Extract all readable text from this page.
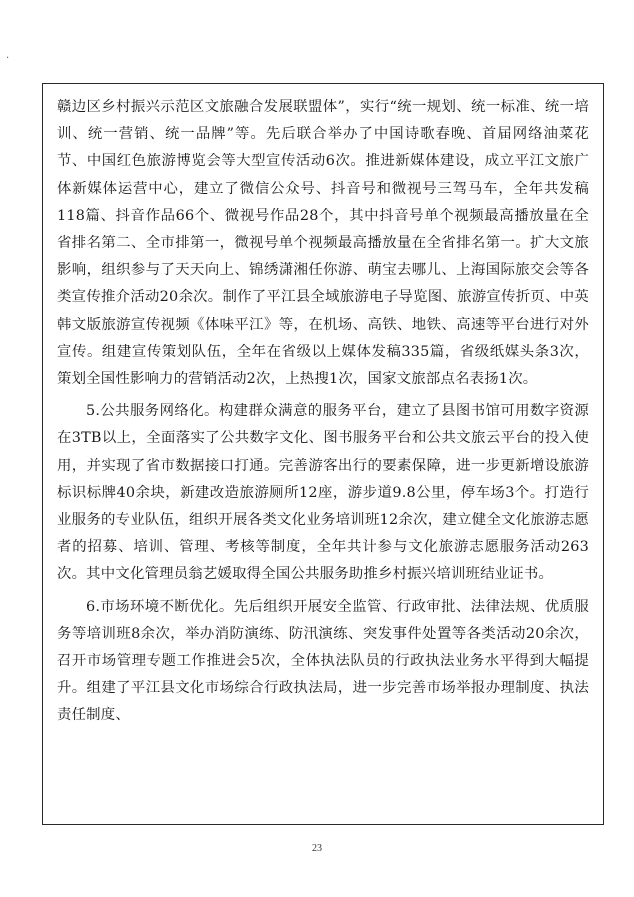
.

赣边区乡村振兴示范区文旅融合发展联盟体”，实行“统一规划、统一标准、统一培训、统一营销、统一品牌”等。先后联合举办了中国诗歌春晚、首届网络油菜花节、中国红色旅游博览会等大型宣传活动6次。推进新媒体建设，成立平江文旅广体新媒体运营中心，建立了微信公众号、抖音号和微视号三驾马车，全年共发稿118篇、抖音作品66个、微视号作品28个，其中抖音号单个视频最高播放量在全省排名第二、全市排第一，微视号单个视频最高播放量在全省排名第一。扩大文旅影响，组织参与了天天向上、锦绣潇湘任你游、萌宝去哪儿、上海国际旅交会等各类宣传推介活动20余次。制作了平江县全域旅游电子导览图、旅游宣传折页、中英韩文版旅游宣传视频《体味平江》等，在机场、高铁、地铁、高速等平台进行对外宣传。组建宣传策划队伍，全年在省级以上媒体发稿335篇，省级纸媒头条3次，策划全国性影响力的营销活动2次，上热搜1次，国家文旅部点名表扬1次。

5.公共服务网络化。构建群众满意的服务平台，建立了县图书馆可用数字资源在3TB以上，全面落实了公共数字文化、图书服务平台和公共文旅云平台的投入使用，并实现了省市数据接口打通。完善游客出行的要素保障，进一步更新增设旅游标识标牌40余块，新建改造旅游厕所12座，游步道9.8公里，停车场3个。打造行业服务的专业队伍，组织开展各类文化业务培训班12余次，建立健全文化旅游志愿者的招募、培训、管理、考核等制度，全年共计参与文化旅游志愿服务活动263次。其中文化管理员翁艺媛取得全国公共服务助推乡村振兴培训班结业证书。

6.市场环境不断优化。先后组织开展安全监管、行政审批、法律法规、优质服务等培训班8余次，举办消防演练、防汛演练、突发事件处置等各类活动20余次，召开市场管理专题工作推进会5次，全体执法队员的行政执法业务水平得到大幅提升。组建了平江县文化市场综合行政执法局，进一步完善市场举报办理制度、执法责任制度、

23
